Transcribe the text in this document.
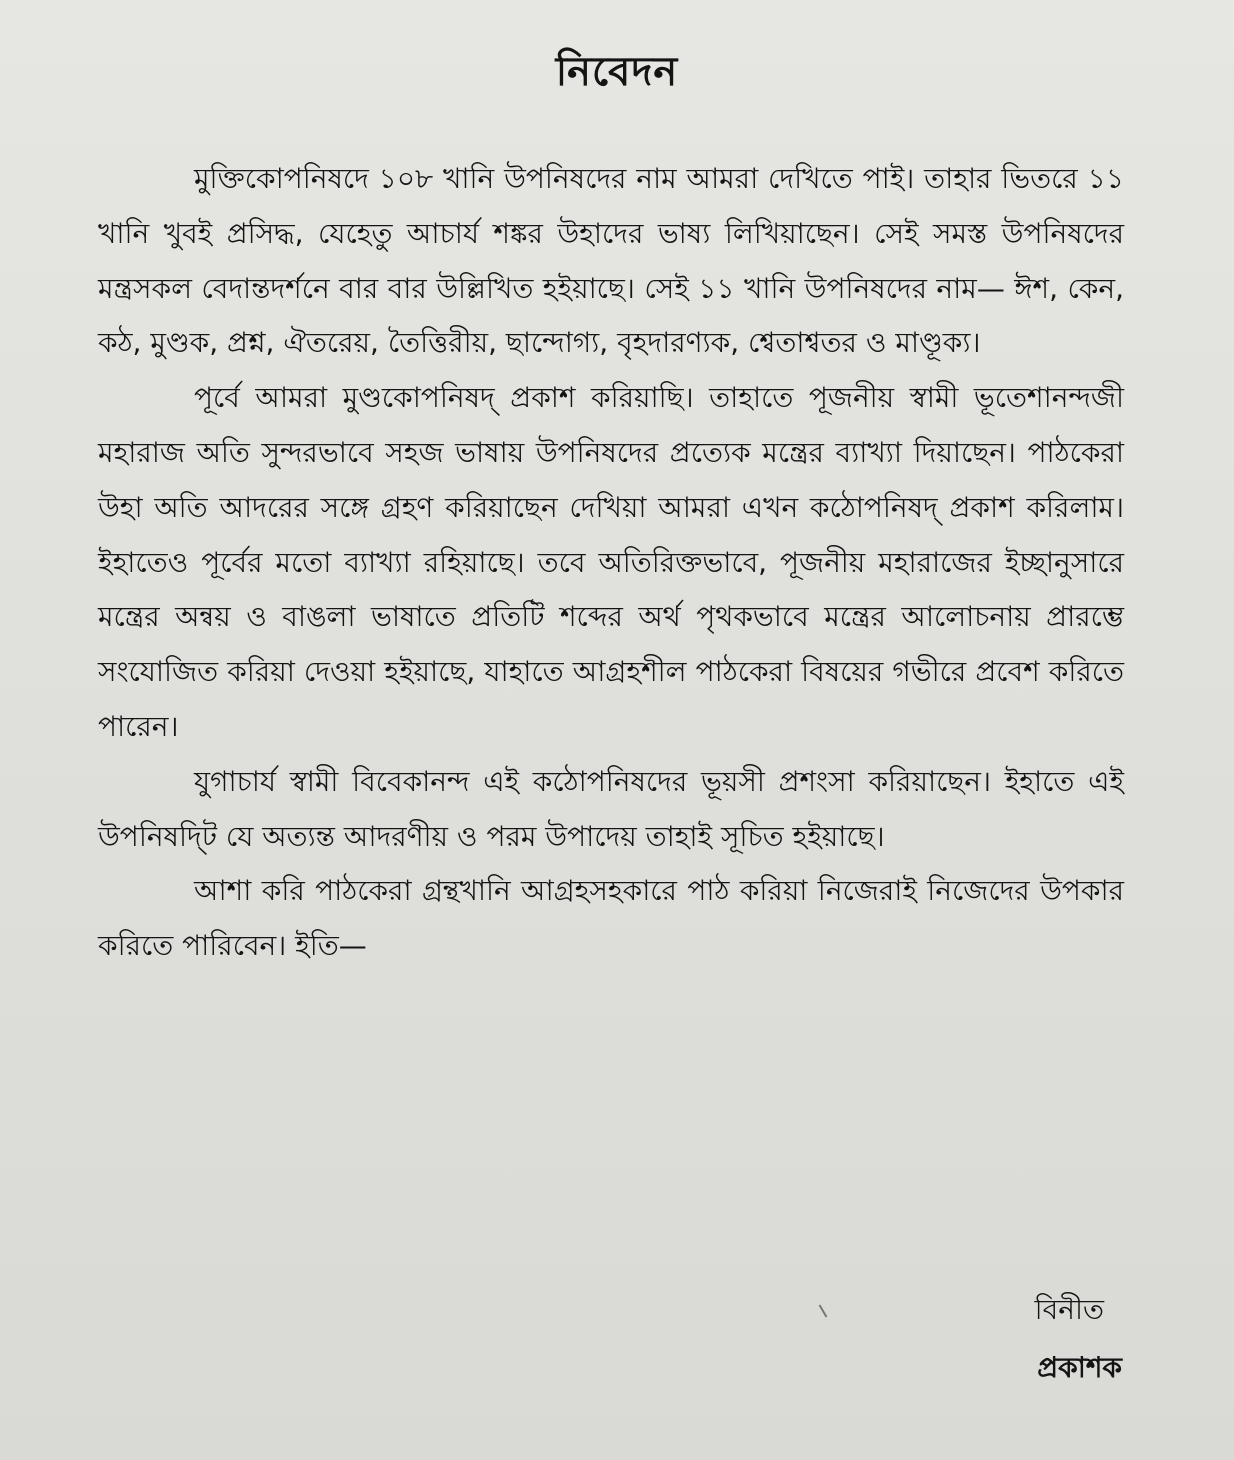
নিবেদন

মুক্তিকোপনিষদে ১০৮ খানি উপনিষদের নাম আমরা দেখিতে পাই। তাহার ভিতরে ১১ খানি খুবই প্রসিদ্ধ, যেহেতু আচার্য শঙ্কর উহাদের ভাষ্য লিখিয়াছেন। সেই সমস্ত উপনিষদের মন্ত্রসকল বেদান্তদর্শনে বার বার উল্লিখিত হইয়াছে। সেই ১১ খানি উপনিষদের নাম— ঈশ, কেন, কঠ, মুণ্ডক, প্রশ্ন, ঐতরেয়, তৈত্তিরীয়, ছান্দোগ্য, বৃহদারণ্যক, শ্বেতাশ্বতর ও মাণ্ডূক্য।

পূর্বে আমরা মুণ্ডকোপনিষদ্ প্রকাশ করিয়াছি। তাহাতে পূজনীয় স্বামী ভূতেশানন্দজী মহারাজ অতি সুন্দরভাবে সহজ ভাষায় উপনিষদের প্রত্যেক মন্ত্রের ব্যাখ্যা দিয়াছেন। পাঠকেরা উহা অতি আদরের সঙ্গে গ্রহণ করিয়াছেন দেখিয়া আমরা এখন কঠোপনিষদ্ প্রকাশ করিলাম। ইহাতেও পূর্বের মতো ব্যাখ্যা রহিয়াছে। তবে অতিরিক্তভাবে, পূজনীয় মহারাজের ইচ্ছানুসারে মন্ত্রের অন্বয় ও বাঙলা ভাষাতে প্রতিটি শব্দের অর্থ পৃথকভাবে মন্ত্রের আলোচনায় প্রারম্ভে সংযোজিত করিয়া দেওয়া হইয়াছে, যাহাতে আগ্রহশীল পাঠকেরা বিষয়ের গভীরে প্রবেশ করিতে পারেন।

যুগাচার্য স্বামী বিবেকানন্দ এই কঠোপনিষদের ভূয়সী প্রশংসা করিয়াছেন। ইহাতে এই উপনিষদ্টি যে অত্যন্ত আদরণীয় ও পরম উপাদেয় তাহাই সূচিত হইয়াছে।

আশা করি পাঠকেরা গ্রন্থখানি আগ্রহসহকারে পাঠ করিয়া নিজেরাই নিজেদের উপকার করিতে পারিবেন। ইতি—

বিনীত
প্রকাশক
